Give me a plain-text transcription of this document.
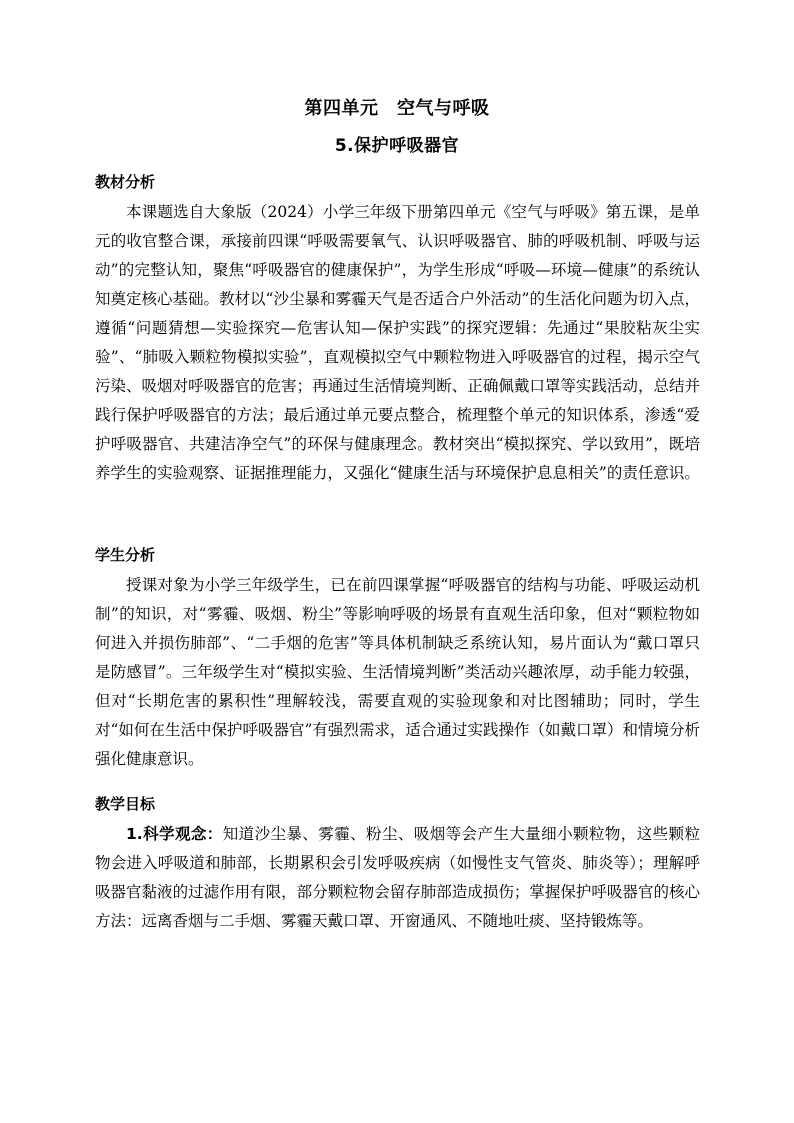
第四单元　空气与呼吸
5.保护呼吸器官
教材分析

本课题选自大象版（2024）小学三年级下册第四单元《空气与呼吸》第五课，是单元的收官整合课，承接前四课“呼吸需要氧气、认识呼吸器官、肺的呼吸机制、呼吸与运动”的完整认知，聚焦“呼吸器官的健康保护”，为学生形成“呼吸—环境—健康”的系统认知奠定核心基础。教材以“沙尘暴和雾霾天气是否适合户外活动”的生活化问题为切入点，遵循“问题猜想—实验探究—危害认知—保护实践”的探究逻辑：先通过“果胶粘灰尘实验”、“肺吸入颗粒物模拟实验”，直观模拟空气中颗粒物进入呼吸器官的过程，揭示空气污染、吸烟对呼吸器官的危害；再通过生活情境判断、正确佩戴口罩等实践活动，总结并践行保护呼吸器官的方法；最后通过单元要点整合，梳理整个单元的知识体系，渗透“爱护呼吸器官、共建洁净空气”的环保与健康理念。教材突出“模拟探究、学以致用”，既培养学生的实验观察、证据推理能力，又强化“健康生活与环境保护息息相关”的责任意识。

学生分析

授课对象为小学三年级学生，已在前四课掌握“呼吸器官的结构与功能、呼吸运动机制”的知识，对“雾霾、吸烟、粉尘”等影响呼吸的场景有直观生活印象，但对“颗粒物如何进入并损伤肺部”、“二手烟的危害”等具体机制缺乏系统认知，易片面认为“戴口罩只是防感冒”。三年级学生对“模拟实验、生活情境判断”类活动兴趣浓厚，动手能力较强，但对“长期危害的累积性”理解较浅，需要直观的实验现象和对比图辅助；同时，学生对“如何在生活中保护呼吸器官”有强烈需求，适合通过实践操作（如戴口罩）和情境分析强化健康意识。

教学目标

1.科学观念：知道沙尘暴、雾霾、粉尘、吸烟等会产生大量细小颗粒物，这些颗粒物会进入呼吸道和肺部，长期累积会引发呼吸疾病（如慢性支气管炎、肺炎等）；理解呼吸器官黏液的过滤作用有限，部分颗粒物会留存肺部造成损伤；掌握保护呼吸器官的核心方法：远离香烟与二手烟、雾霾天戴口罩、开窗通风、不随地吐痰、坚持锻炼等。
